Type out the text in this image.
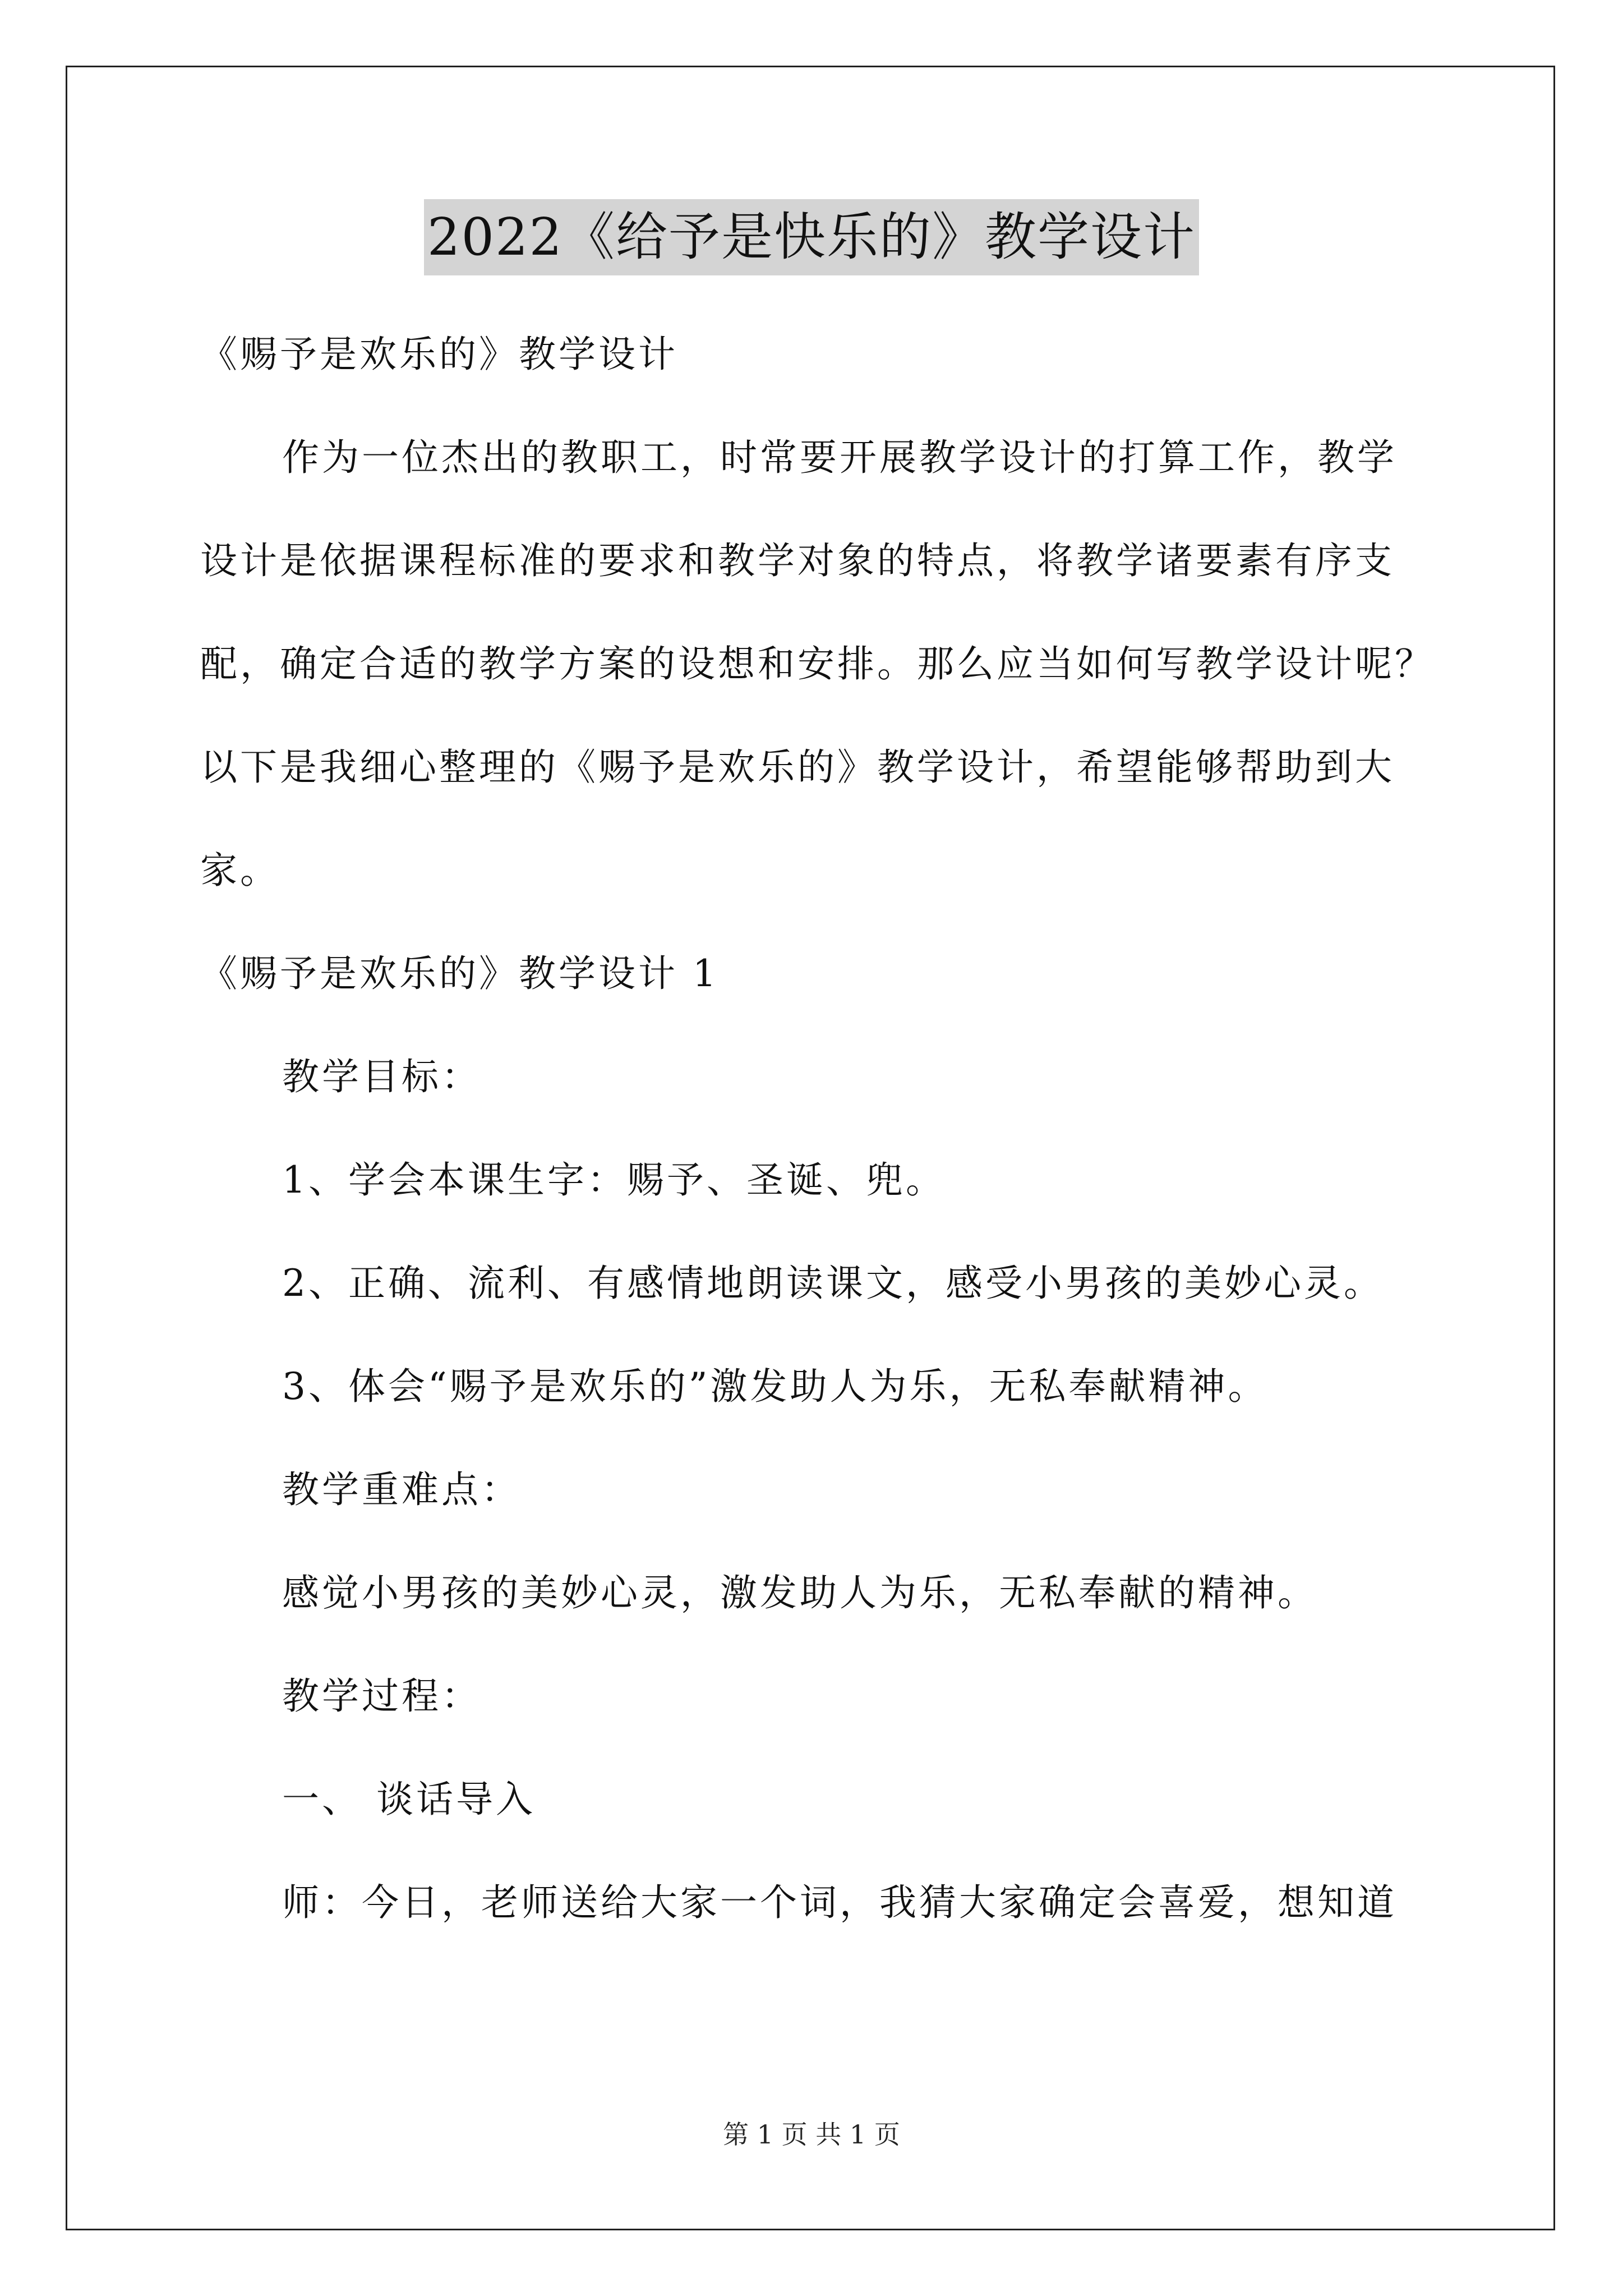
2022《给予是快乐的》教学设计
《赐予是欢乐的》教学设计
作为一位杰出的教职工，时常要开展教学设计的打算工作，教学
设计是依据课程标准的要求和教学对象的特点，将教学诸要素有序支
配，确定合适的教学方案的设想和安排。那么应当如何写教学设计呢？
以下是我细心整理的《赐予是欢乐的》教学设计，希望能够帮助到大
家。
《赐予是欢乐的》教学设计 1
教学目标：
1、学会本课生字：赐予、圣诞、兜。
2、正确、流利、有感情地朗读课文，感受小男孩的美妙心灵。
3、体会“赐予是欢乐的”激发助人为乐，无私奉献精神。
教学重难点：
感觉小男孩的美妙心灵，激发助人为乐，无私奉献的精神。
教学过程：
一、 谈话导入
师：今日，老师送给大家一个词，我猜大家确定会喜爱，想知道
第 1 页 共 1 页
